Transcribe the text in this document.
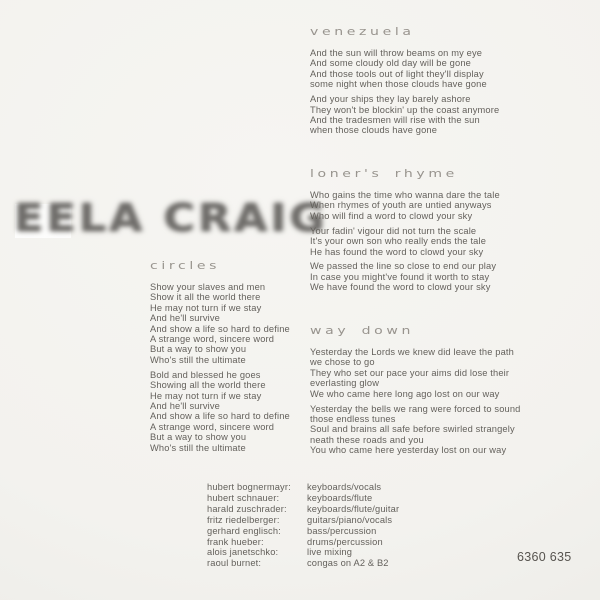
EELA CRAIG
venezuela
And the sun will throw beams on my eye
And some cloudy old day will be gone
And those tools out of light they'll display
some night when those clouds have gone
And your ships they lay barely ashore
They won't be blockin' up the coast anymore
And the tradesmen will rise with the sun
when those clouds have gone
loner's rhyme
Who gains the time who wanna dare the tale
When rhymes of youth are untied anyways
Who will find a word to clowd your sky
Your fadin' vigour did not turn the scale
It's your own son who really ends the tale
He has found the word to clowd your sky
We passed the line so close to end our play
In case you might've found it worth to stay
We have found the word to clowd your sky
way down
Yesterday the Lords we knew did leave the path
we chose to go
They who set our pace your aims did lose their
everlasting glow
We who came here long ago lost on our way
Yesterday the bells we rang were forced to sound
those endless tunes
Soul and brains all safe before swirled strangely
neath these roads and you
You who came here yesterday lost on our way
circles
Show your slaves and men
Show it all the world there
He may not turn if we stay
And he'll survive
And show a life so hard to define
A strange word, sincere word
But a way to show you
Who's still the ultimate
Bold and blessed he goes
Showing all the world there
He may not turn if we stay
And he'll survive
And show a life so hard to define
A strange word, sincere word
But a way to show you
Who's still the ultimate
hubert bognermayr:	keyboards/vocals
hubert schnauer:	keyboards/flute
harald zuschrader:	keyboards/flute/guitar
fritz riedelberger:	guitars/piano/vocals
gerhard englisch:	bass/percussion
frank hueber:	drums/percussion
alois janetschko:	live mixing
raoul burnet:	congas on A2 & B2	6360 635
